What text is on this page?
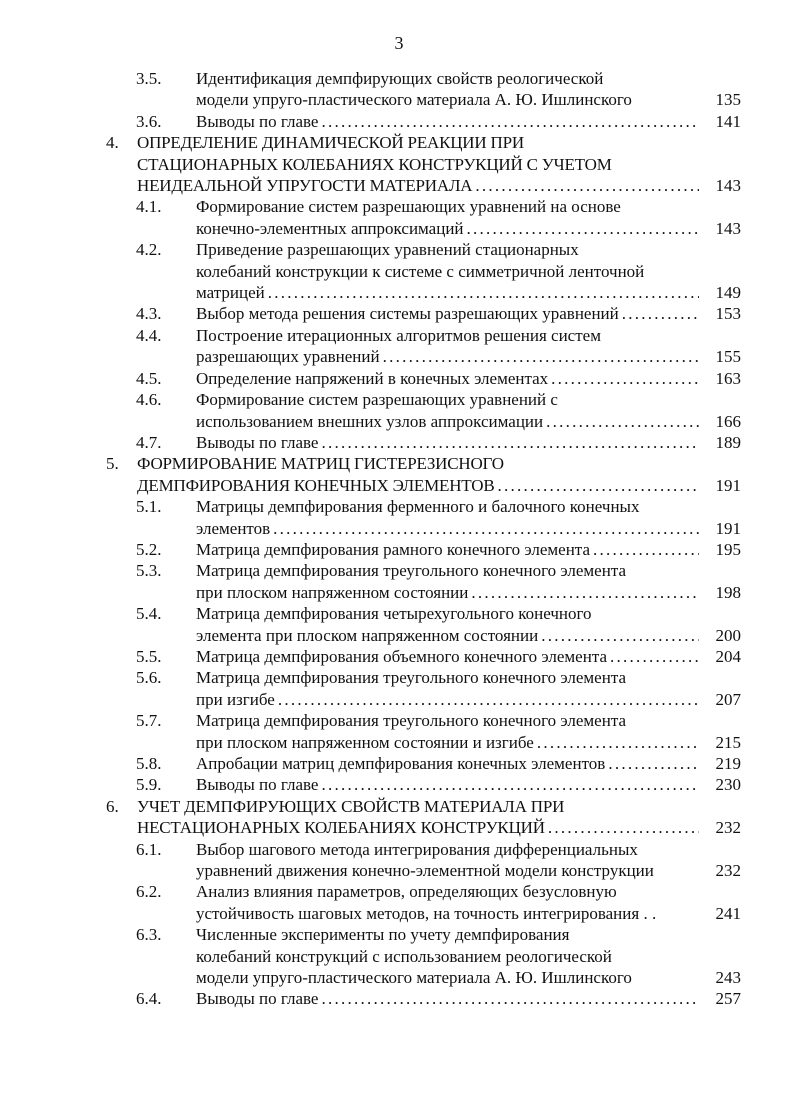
3
3.5. Идентификация демпфирующих свойств реологической
модели упруго-пластического материала А. Ю. Ишлинского	135
3.6. Выводы по главе . . .	141
4. ОПРЕДЕЛЕНИЕ ДИНАМИЧЕСКОЙ РЕАКЦИИ ПРИ
СТАЦИОНАРНЫХ КОЛЕБАНИЯХ КОНСТРУКЦИЙ С УЧЕТОМ
НЕИДЕАЛЬНОЙ УПРУГОСТИ МАТЕРИАЛА . . .	143
4.1. Формирование систем разрешающих уравнений на основе
конечно-элементных аппроксимаций . . .	143
4.2. Приведение разрешающих уравнений стационарных
колебаний конструкции к системе с симметричной ленточной
матрицей . . .	149
4.3. Выбор метода решения системы разрешающих уравнений . . .	153
4.4. Построение итерационных алгоритмов решения систем
разрешающих уравнений . . .	155
4.5. Определение напряжений в конечных элементах . . .	163
4.6. Формирование систем разрешающих уравнений с
использованием внешних узлов аппроксимации . . .	166
4.7. Выводы по главе . . .	189
5. ФОРМИРОВАНИЕ МАТРИЦ ГИСТЕРЕЗИСНОГО
ДЕМПФИРОВАНИЯ КОНЕЧНЫХ ЭЛЕМЕНТОВ . . .	191
5.1. Матрицы демпфирования ферменного и балочного конечных
элементов . . .	191
5.2. Матрица демпфирования рамного конечного элемента . . .	195
5.3. Матрица демпфирования треугольного конечного элемента
при плоском напряженном состоянии . . .	198
5.4. Матрица демпфирования четырехугольного конечного
элемента при плоском напряженном состоянии . . .	200
5.5. Матрица демпфирования объемного конечного элемента . . .	204
5.6. Матрица демпфирования треугольного конечного элемента
при изгибе . . .	207
5.7. Матрица демпфирования треугольного конечного элемента
при плоском напряженном состоянии и изгибе . . .	215
5.8. Апробации матриц демпфирования конечных элементов . . .	219
5.9. Выводы по главе . . .	230
6. УЧЕТ ДЕМПФИРУЮЩИХ СВОЙСТВ МАТЕРИАЛА ПРИ
НЕСТАЦИОНАРНЫХ КОЛЕБАНИЯХ КОНСТРУКЦИЙ . . .	232
6.1. Выбор шагового метода интегрирования дифференциальных
уравнений движения конечно-элементной модели конструкции	232
6.2. Анализ влияния параметров, определяющих безусловную
устойчивость шаговых методов, на точность интегрирования . .	241
6.3. Численные эксперименты по учету демпфирования
колебаний конструкций с использованием реологической
модели упруго-пластического материала А. Ю. Ишлинского	243
6.4. Выводы по главе . . .	257
